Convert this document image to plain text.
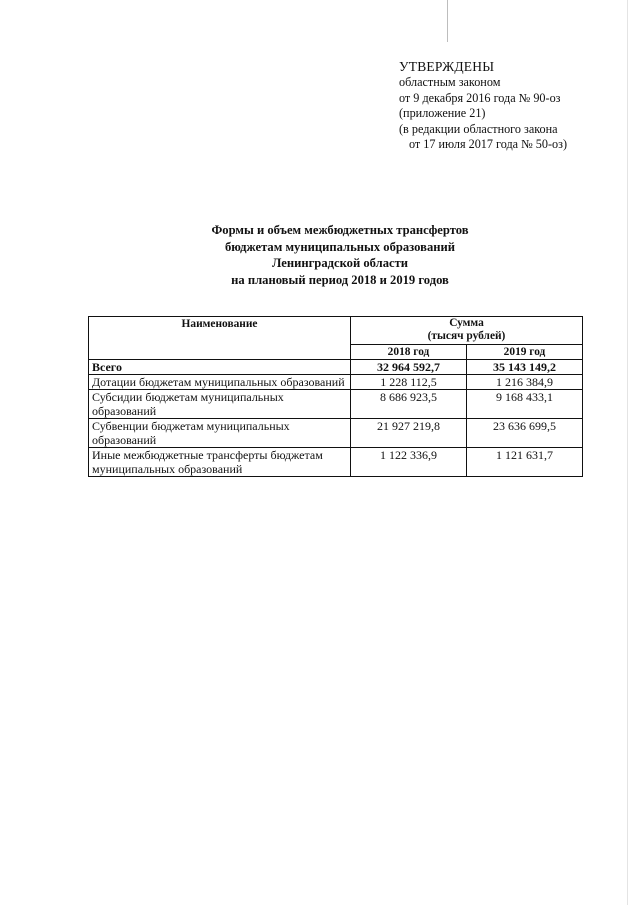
УТВЕРЖДЕНЫ
областным законом
от 9 декабря 2016 года № 90-оз
(приложение 21)
(в редакции областного закона
от 17 июля 2017 года № 50-оз)
Формы и объем межбюджетных трансфертов
бюджетам муниципальных образований
Ленинградской области
на плановый период 2018 и 2019 годов
Наименование	Сумма
(тысяч рублей)	

	2018 год	2019 год
Всего	32 964 592,7	35 143 149,2
Дотации бюджетам муниципальных образований	1 228 112,5	1 216 384,9
Субсидии бюджетам муниципальных образований	8 686 923,5	9 168 433,1
Субвенции бюджетам муниципальных образований	21 927 219,8	23 636 699,5
Иные межбюджетные трансферты бюджетам муниципальных образований	1 122 336,9	1 121 631,7
